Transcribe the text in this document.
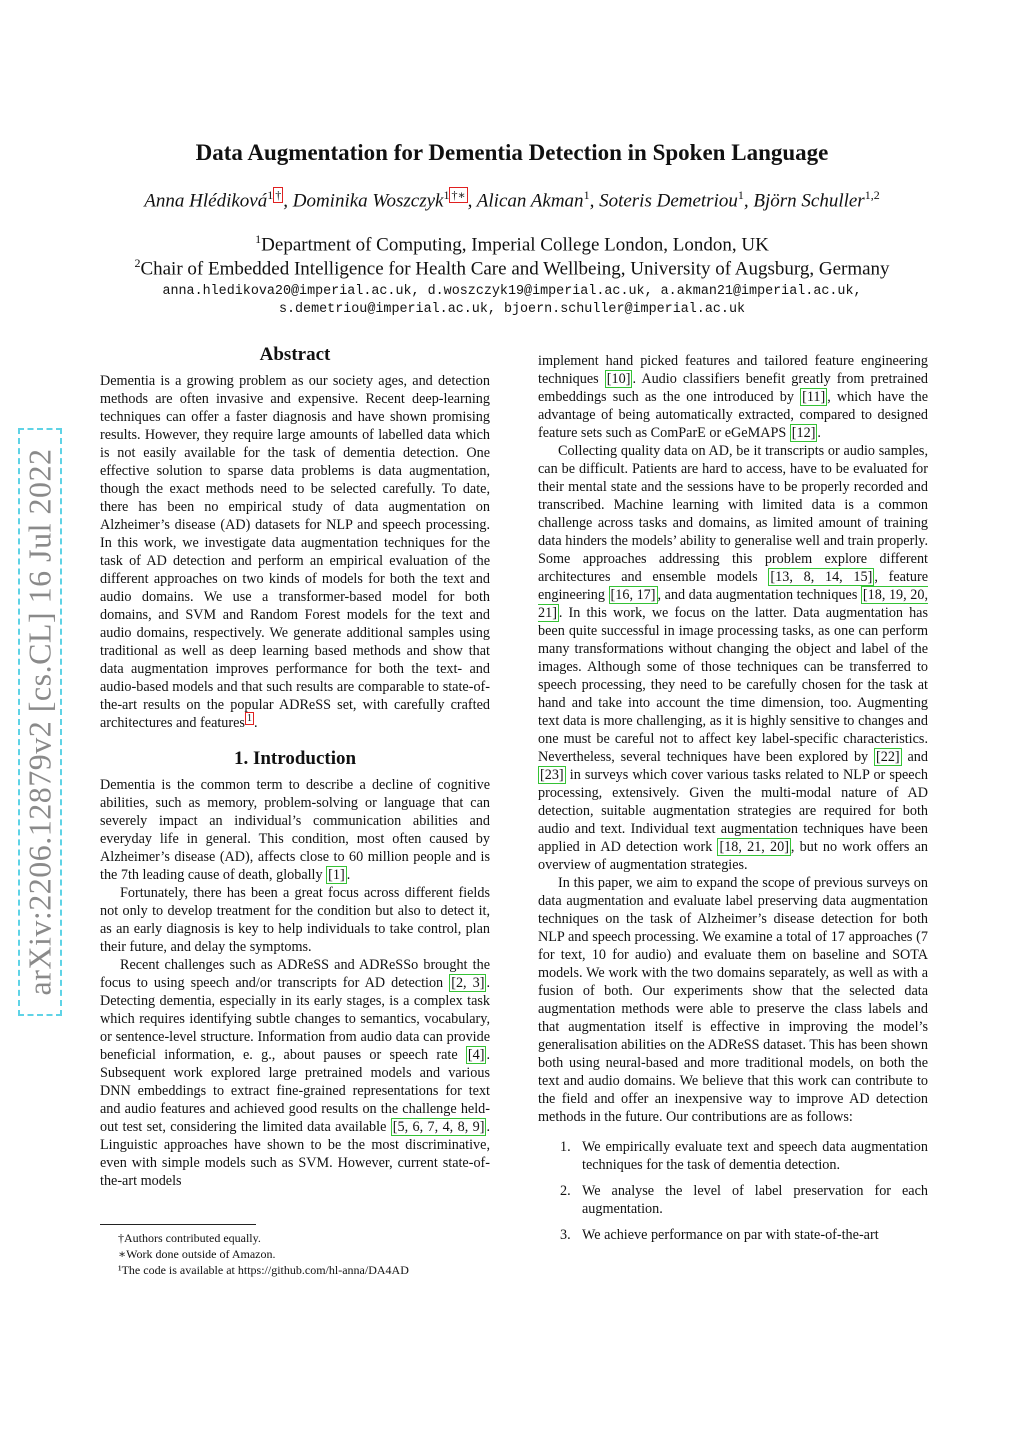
arXiv:2206.12879v2 [cs.CL] 16 Jul 2022
Data Augmentation for Dementia Detection in Spoken Language
Anna Hlédiková$^{1 \dagger}$ , Dominika Woszczyk$^{1 \dagger∗}$ , Alican Akman$^1$, Soteris Demetriou$^1$, Björn Schuller$^{1,2}$
$^1$Department of Computing, Imperial College London, London, UK
$^2$Chair of Embedded Intelligence for Health Care and Wellbeing, University of Augsburg, Germany
anna.hledikova20@imperial.ac.uk, d.woszczyk19@imperial.ac.uk, a.akman21@imperial.ac.uk,
s.demetriou@imperial.ac.uk, bjoern.schuller@imperial.ac.uk

Abstract

Dementia is a growing problem as our society ages, and detection methods are often invasive and expensive. Recent deep-learning techniques can offer a faster diagnosis and have shown promising results. However, they require large amounts of labelled data which is not easily available for the task of dementia detection. One effective solution to sparse data problems is data augmentation, though the exact methods need to be selected carefully. To date, there has been no empirical study of data augmentation on Alzheimer’s disease (AD) datasets for NLP and speech processing. In this work, we investigate data augmentation techniques for the task of AD detection and perform an empirical evaluation of the different approaches on two kinds of models for both the text and audio domains. We use a transformer-based model for both domains, and SVM and Random Forest models for the text and audio domains, respectively. We generate additional samples using traditional as well as deep learning based methods and show that data augmentation improves performance for both the text- and audio-based models and that such results are comparable to state-of-the-art results on the popular ADReSS set, with carefully crafted architectures and features $^1$ .

1. Introduction

Dementia is the common term to describe a decline of cognitive abilities, such as memory, problem-solving or language that can severely impact an individual’s communication abilities and everyday life in general. This condition, most often caused by Alzheimer’s disease (AD), affects close to 60 million people and is the 7th leading cause of death, globally [1] .

Fortunately, there has been a great focus across different fields not only to develop treatment for the condition but also to detect it, as an early diagnosis is key to help individuals to take control, plan their future, and delay the symptoms.

Recent challenges such as ADReSS and ADReSSo brought the focus to using speech and/or transcripts for AD detection [2, 3] . Detecting dementia, especially in its early stages, is a complex task which requires identifying subtle changes to semantics, vocabulary, or sentence-level structure. Information from audio data can provide beneficial information, e. g., about pauses or speech rate [4] . Subsequent work explored large pretrained models and various DNN embeddings to extract fine-grained representations for text and audio features and achieved good results on the challenge held-out test set, considering the limited data available [5, 6, 7, 4, 8, 9] . Linguistic approaches have shown to be the most discriminative, even with simple models such as SVM. However, current state-of-the-art models

†Authors contributed equally.
∗Work done outside of Amazon.
¹The code is available at https://github.com/hl-anna/DA4AD

implement hand picked features and tailored feature engineering techniques [10] . Audio classifiers benefit greatly from pretrained embeddings such as the one introduced by [11] , which have the advantage of being automatically extracted, compared to designed feature sets such as ComParE or eGeMAPS [12] .

Collecting quality data on AD, be it transcripts or audio samples, can be difficult. Patients are hard to access, have to be evaluated for their mental state and the sessions have to be properly recorded and transcribed. Machine learning with limited data is a common challenge across tasks and domains, as limited amount of training data hinders the models’ ability to generalise well and train properly. Some approaches addressing this problem explore different architectures and ensemble models [13, 8, 14, 15] , feature engineering [16, 17] , and data augmentation techniques [18, 19, 20, 21] . In this work, we focus on the latter. Data augmentation has been quite successful in image processing tasks, as one can perform many transformations without changing the object and label of the images. Although some of those techniques can be transferred to speech processing, they need to be carefully chosen for the task at hand and take into account the time dimension, too. Augmenting text data is more challenging, as it is highly sensitive to changes and one must be careful not to affect key label-specific characteristics. Nevertheless, several techniques have been explored by [22] and [23] in surveys which cover various tasks related to NLP or speech processing, extensively. Given the multi-modal nature of AD detection, suitable augmentation strategies are required for both audio and text. Individual text augmentation techniques have been applied in AD detection work [18, 21, 20] , but no work offers an overview of augmentation strategies.

In this paper, we aim to expand the scope of previous surveys on data augmentation and evaluate label preserving data augmentation techniques on the task of Alzheimer’s disease detection for both NLP and speech processing. We examine a total of 17 approaches (7 for text, 10 for audio) and evaluate them on baseline and SOTA models. We work with the two domains separately, as well as with a fusion of both. Our experiments show that the selected data augmentation methods were able to preserve the class labels and that augmentation itself is effective in improving the model’s generalisation abilities on the ADReSS dataset. This has been shown both using neural-based and more traditional models, on both the text and audio domains. We believe that this work can contribute to the field and offer an inexpensive way to improve AD detection methods in the future. Our contributions are as follows:

1. We empirically evaluate text and speech data augmentation techniques for the task of dementia detection.
2. We analyse the level of label preservation for each augmentation.
3. We achieve performance on par with state-of-the-art
